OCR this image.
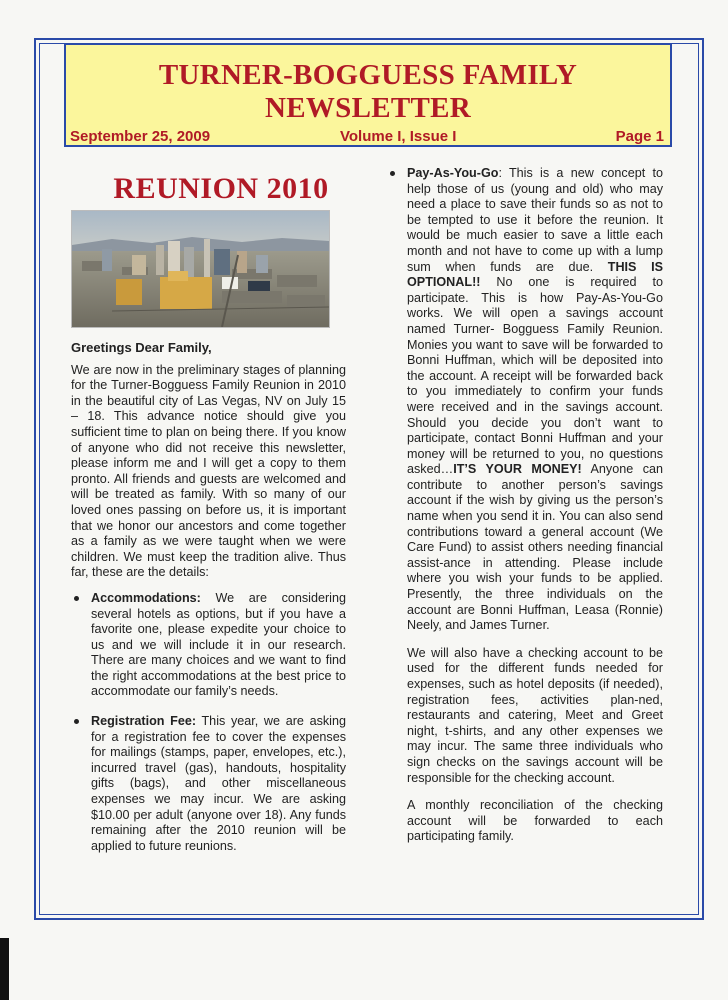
TURNER-BOGGUESS FAMILY
NEWSLETTER
September 25, 2009	Volume I, Issue I	Page 1
REUNION 2010
Greetings Dear Family,

We are now in the preliminary stages of planning for the Turner-Bogguess Family Reunion in 2010 in the beautiful city of Las Vegas, NV on July 15 – 18. This advance notice should give you sufficient time to plan on being there. If you know of anyone who did not receive this newsletter, please inform me and I will get a copy to them pronto. All friends and guests are welcomed and will be treated as family. With so many of our loved ones passing on before us, it is important that we honor our ancestors and come together as a family as we were taught when we were children. We must keep the tradition alive. Thus far, these are the details:

Accommodations: We are considering several hotels as options, but if you have a favorite one, please expedite your choice to us and we will include it in our research. There are many choices and we want to find the right accommodations at the best price to accommodate our family’s needs.
Registration Fee: This year, we are asking for a registration fee to cover the expenses for mailings (stamps, paper, envelopes, etc.), incurred travel (gas), handouts, hospitality gifts (bags), and other miscellaneous expenses we may incur. We are asking $10.00 per adult (anyone over 18). Any funds remaining after the 2010 reunion will be applied to future reunions.
Pay-As-You-Go: This is a new concept to help those of us (young and old) who may need a place to save their funds so as not to be tempted to use it before the reunion. It would be much easier to save a little each month and not have to come up with a lump sum when funds are due. THIS IS OPTIONAL!! No one is required to participate. This is how Pay-As-You-Go works. We will open a savings account named Turner- Bogguess Family Reunion. Monies you want to save will be forwarded to Bonni Huffman, which will be deposited into the account. A receipt will be forwarded back to you immediately to confirm your funds were received and in the savings account. Should you decide you don’t want to participate, contact Bonni Huffman and your money will be returned to you, no questions asked…IT’S YOUR MONEY! Anyone can contribute to another person’s savings account if the wish by giving us the person’s name when you send it in. You can also send contributions toward a general account (We Care Fund) to assist others needing financial assist-ance in attending. Please include where you wish your funds to be applied. Presently, the three individuals on the account are Bonni Huffman, Leasa (Ronnie) Neely, and James Turner.

We will also have a checking account to be used for the different funds needed for expenses, such as hotel deposits (if needed), registration fees, activities plan-ned, restaurants and catering, Meet and Greet night, t-shirts, and any other expenses we may incur. The same three individuals who sign checks on the savings account will be responsible for the checking account.

A monthly reconciliation of the checking account will be forwarded to each participating family.
